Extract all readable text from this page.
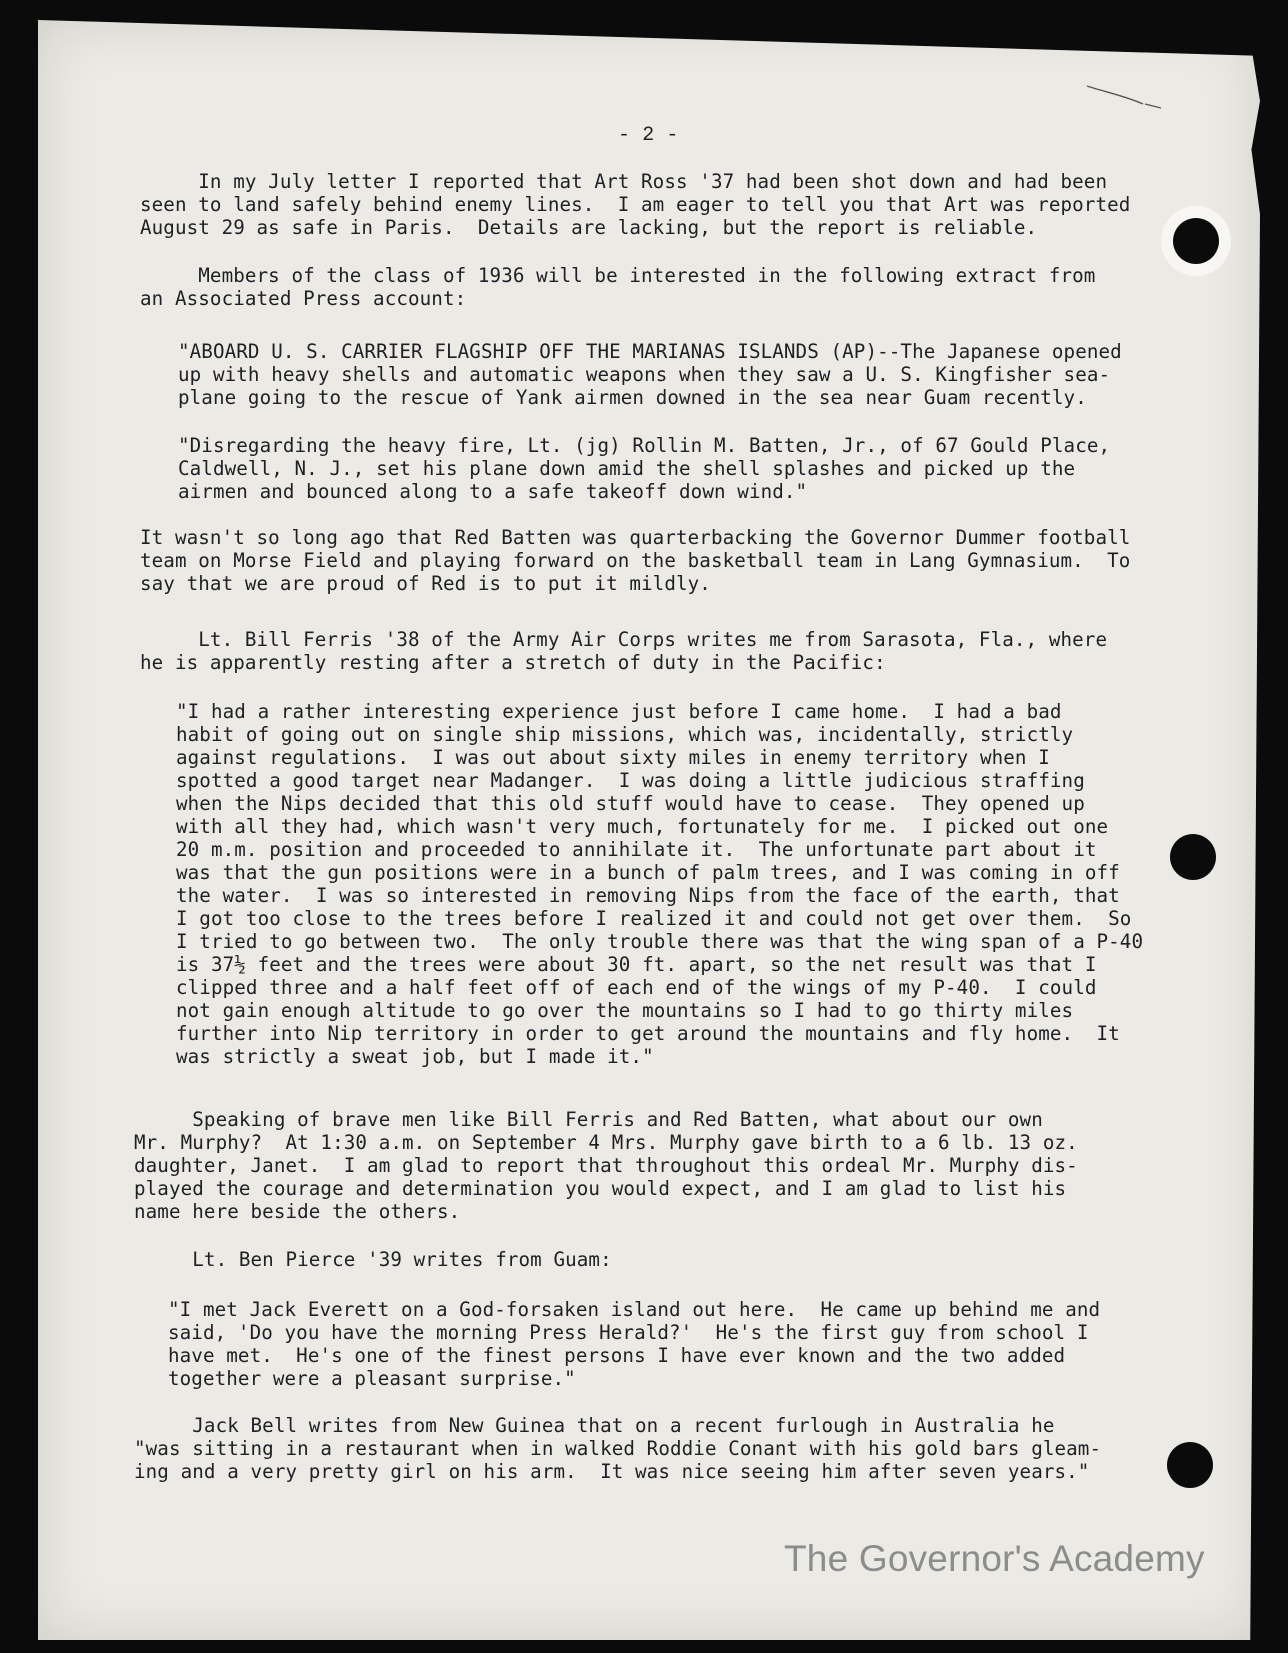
- 2 -
In my July letter I reported that Art Ross '37 had been shot down and had been
seen to land safely behind enemy lines.  I am eager to tell you that Art was reported
August 29 as safe in Paris.  Details are lacking, but the report is reliable.
Members of the class of 1936 will be interested in the following extract from
an Associated Press account:
"ABOARD U. S. CARRIER FLAGSHIP OFF THE MARIANAS ISLANDS (AP)--The Japanese opened
up with heavy shells and automatic weapons when they saw a U. S. Kingfisher sea-
plane going to the rescue of Yank airmen downed in the sea near Guam recently.
"Disregarding the heavy fire, Lt. (jg) Rollin M. Batten, Jr., of 67 Gould Place,
Caldwell, N. J., set his plane down amid the shell splashes and picked up the
airmen and bounced along to a safe takeoff down wind."
It wasn't so long ago that Red Batten was quarterbacking the Governor Dummer football
team on Morse Field and playing forward on the basketball team in Lang Gymnasium.  To
say that we are proud of Red is to put it mildly.
Lt. Bill Ferris '38 of the Army Air Corps writes me from Sarasota, Fla., where
he is apparently resting after a stretch of duty in the Pacific:
"I had a rather interesting experience just before I came home.  I had a bad
habit of going out on single ship missions, which was, incidentally, strictly
against regulations.  I was out about sixty miles in enemy territory when I
spotted a good target near Madanger.  I was doing a little judicious straffing
when the Nips decided that this old stuff would have to cease.  They opened up
with all they had, which wasn't very much, fortunately for me.  I picked out one
20 m.m. position and proceeded to annihilate it.  The unfortunate part about it
was that the gun positions were in a bunch of palm trees, and I was coming in off
the water.  I was so interested in removing Nips from the face of the earth, that
I got too close to the trees before I realized it and could not get over them.  So
I tried to go between two.  The only trouble there was that the wing span of a P-40
is 37½ feet and the trees were about 30 ft. apart, so the net result was that I
clipped three and a half feet off of each end of the wings of my P-40.  I could
not gain enough altitude to go over the mountains so I had to go thirty miles
further into Nip territory in order to get around the mountains and fly home.  It
was strictly a sweat job, but I made it."
Speaking of brave men like Bill Ferris and Red Batten, what about our own
Mr. Murphy?  At 1:30 a.m. on September 4 Mrs. Murphy gave birth to a 6 lb. 13 oz.
daughter, Janet.  I am glad to report that throughout this ordeal Mr. Murphy dis-
played the courage and determination you would expect, and I am glad to list his
name here beside the others.
Lt. Ben Pierce '39 writes from Guam:
"I met Jack Everett on a God-forsaken island out here.  He came up behind me and
said, 'Do you have the morning Press Herald?'  He's the first guy from school I
have met.  He's one of the finest persons I have ever known and the two added
together were a pleasant surprise."
Jack Bell writes from New Guinea that on a recent furlough in Australia he
"was sitting in a restaurant when in walked Roddie Conant with his gold bars gleam-
ing and a very pretty girl on his arm.  It was nice seeing him after seven years."
The Governor's Academy
